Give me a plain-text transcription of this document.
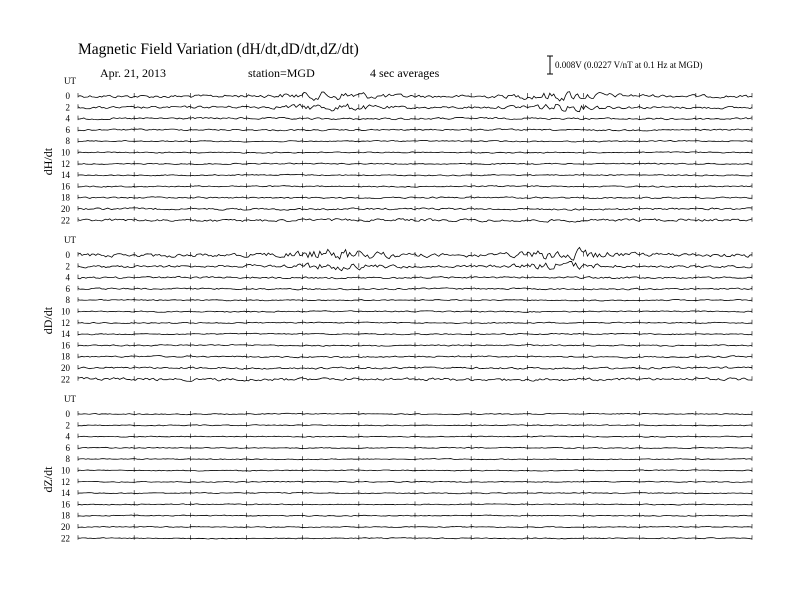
Magnetic Field Variation (dH/dt,dD/dt,dZ/dt)
Apr. 21, 2013	station=MGD	4 sec averages
0.008V (0.0227 V/nT at 0.1 Hz at MGD)
dH/dt
UT
0
2
4
6
8
10
12
14
16
18
20
22
dD/dt
UT
0
2
4
6
8
10
12
14
16
18
20
22
dZ/dt
UT
0
2
4
6
8
10
12
14
16
18
20
22
